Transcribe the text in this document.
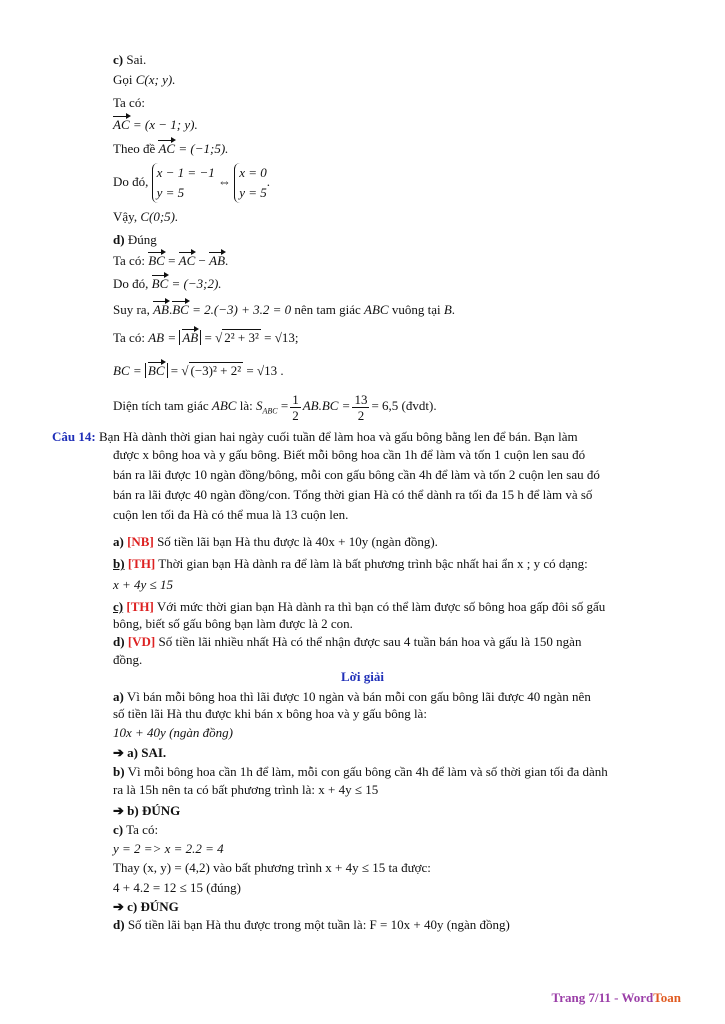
c) Sai.
Gọi C(x; y).
Ta có:
AC = (x − 1; y).
Theo đề AC = (−1;5).
Do đó, x − 1 = −1
y = 5 ⇔ x = 0
y = 5.
Vậy, C(0;5).
d) Đúng
Ta có: BC = AC − AB.
Do đó, BC = (−3;2).
Suy ra, AB.BC = 2.(−3) + 3.2 = 0 nên tam giác ABC vuông tại B.
Ta có: AB = AB = √ 2² + 3² = √13;
BC = BC = √ (−3)² + 2² = √13 .
Diện tích tam giác ABC là: $S_{ABC} = \frac{1}{2} AB.BC = \frac{13}{2} = 6,5$ (đvdt).
Câu 14: Bạn Hà dành thời gian hai ngày cuối tuần để làm hoa và gấu bông bằng len để bán. Bạn làm
được x bông hoa và y gấu bông. Biết mỗi bông hoa cần 1h để làm và tốn 1 cuộn len sau đó
bán ra lãi được 10 ngàn đồng/bông, mỗi con gấu bông cần 4h để làm và tốn 2 cuộn len sau đó
bán ra lãi được 40 ngàn đồng/con. Tổng thời gian Hà có thể dành ra tối đa 15 h để làm và số
cuộn len tối đa Hà có thể mua là 13 cuộn len.
a) [NB] Số tiền lãi bạn Hà thu được là 40x + 10y (ngàn đồng).
b) [TH] Thời gian bạn Hà dành ra để làm là bất phương trình bậc nhất hai ẩn x ; y có dạng:
x + 4y ≤ 15
c) [TH] Với mức thời gian bạn Hà dành ra thì bạn có thể làm được số bông hoa gấp đôi số gấu
bông, biết số gấu bông bạn làm được là 2 con.
d) [VD] Số tiền lãi nhiều nhất Hà có thể nhận được sau 4 tuần bán hoa và gấu là 150 ngàn
đồng.
Lời giải
a) Vì bán mỗi bông hoa thì lãi được 10 ngàn và bán mỗi con gấu bông lãi được 40 ngàn nên
số tiền lãi Hà thu được khi bán x bông hoa và y gấu bông là:
10x + 40y (ngàn đồng)
➔ a) SAI.
b) Vì mỗi bông hoa cần 1h để làm, mỗi con gấu bông cần 4h để làm và số thời gian tối đa dành
ra là 15h nên ta có bất phương trình là: x + 4y ≤ 15
➔ b) ĐÚNG
c) Ta có:
y = 2 => x = 2.2 = 4
Thay (x, y) = (4,2) vào bất phương trình x + 4y ≤ 15 ta được:
4 + 4.2 = 12 ≤ 15 (đúng)
➔ c) ĐÚNG
d) Số tiền lãi bạn Hà thu được trong một tuần là: F = 10x + 40y (ngàn đồng)
Trang 7/11 - WordToan
